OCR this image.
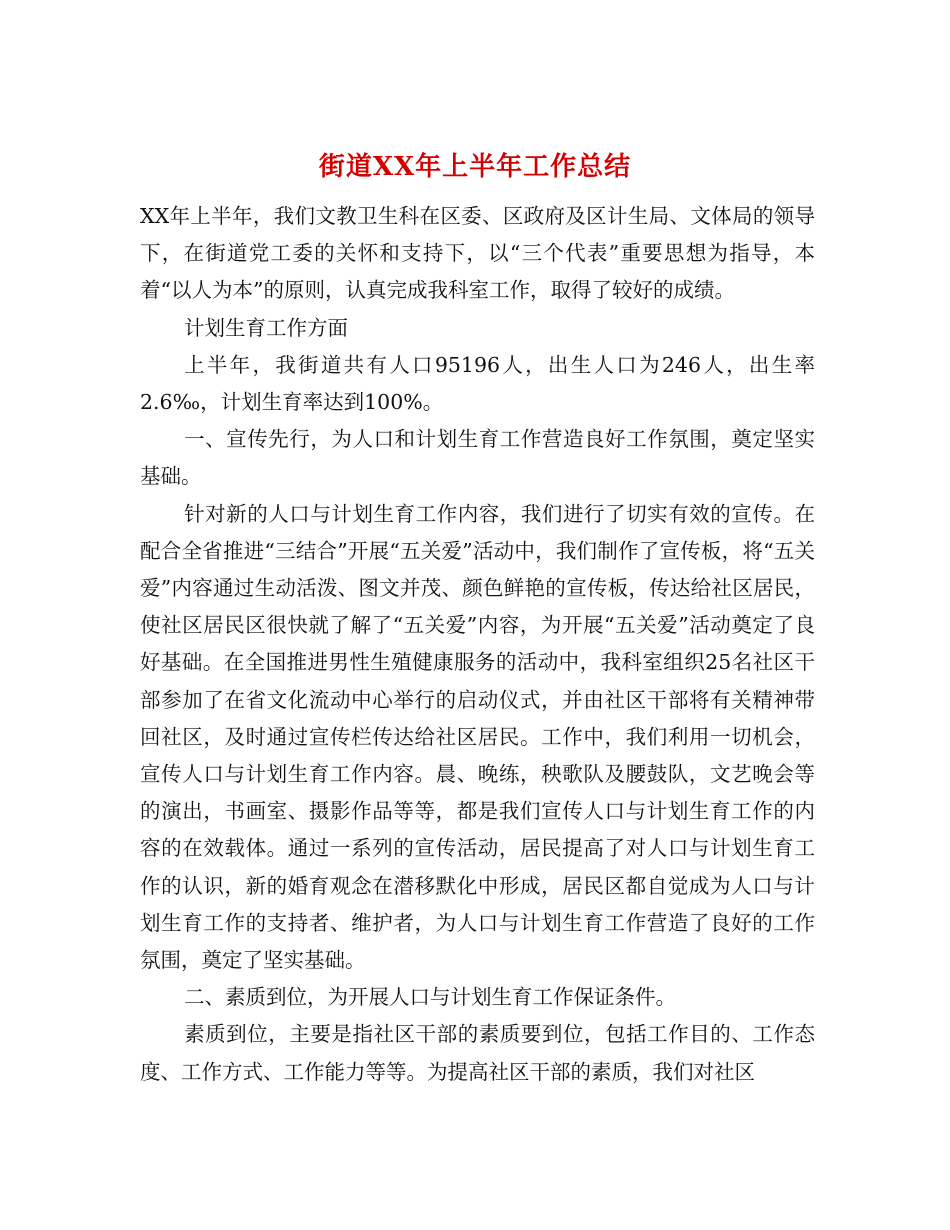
街道XX年上半年工作总结

XX年上半年，我们文教卫生科在区委、区政府及区计生局、文体局的领导下，在街道党工委的关怀和支持下，以“三个代表”重要思想为指导，本着“以人为本”的原则，认真完成我科室工作，取得了较好的成绩。

计划生育工作方面

上半年，我街道共有人口95196人，出生人口为246人，出生率2.6‰，计划生育率达到100%。

一、宣传先行，为人口和计划生育工作营造良好工作氛围，奠定坚实基础。

针对新的人口与计划生育工作内容，我们进行了切实有效的宣传。在配合全省推进“三结合”开展“五关爱”活动中，我们制作了宣传板，将“五关爱”内容通过生动活泼、图文并茂、颜色鲜艳的宣传板，传达给社区居民，使社区居民区很快就了解了“五关爱”内容，为开展“五关爱”活动奠定了良好基础。在全国推进男性生殖健康服务的活动中，我科室组织25名社区干部参加了在省文化流动中心举行的启动仪式，并由社区干部将有关精神带回社区，及时通过宣传栏传达给社区居民。工作中，我们利用一切机会，宣传人口与计划生育工作内容。晨、晚练，秧歌队及腰鼓队，文艺晚会等的演出，书画室、摄影作品等等，都是我们宣传人口与计划生育工作的内容的在效载体。通过一系列的宣传活动，居民提高了对人口与计划生育工作的认识，新的婚育观念在潜移默化中形成，居民区都自觉成为人口与计划生育工作的支持者、维护者，为人口与计划生育工作营造了良好的工作氛围，奠定了坚实基础。

二、素质到位，为开展人口与计划生育工作保证条件。

素质到位，主要是指社区干部的素质要到位，包括工作目的、工作态度、工作方式、工作能力等等。为提高社区干部的素质，我们对社区
